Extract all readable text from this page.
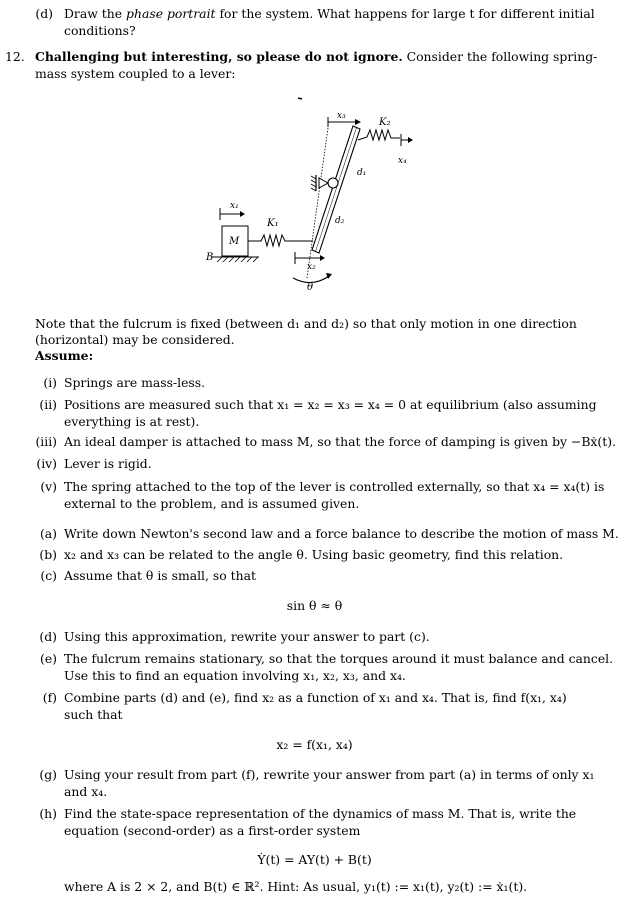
(d) Draw the phase portrait for the system. What happens for large t for different initial
conditions?
12. Challenging but interesting, so please do not ignore. Consider the following spring-
mass system coupled to a lever:
x₃
K₂
x₄
d₁
d₂
x₁
M
K₁
B
x₂
θ
Note that the fulcrum is fixed (between d₁ and d₂) so that only motion in one direction
(horizontal) may be considered.
Assume:
(i) Springs are mass-less.
(ii) Positions are measured such that x₁ = x₂ = x₃ = x₄ = 0 at equilibrium (also assuming
everything is at rest).
(iii) An ideal damper is attached to mass M, so that the force of damping is given by −Bẋ(t).
(iv) Lever is rigid.
(v) The spring attached to the top of the lever is controlled externally, so that x₄ = x₄(t) is
external to the problem, and is assumed given.
(a) Write down Newton's second law and a force balance to describe the motion of mass M.
(b) x₂ and x₃ can be related to the angle θ. Using basic geometry, find this relation.
(c) Assume that θ is small, so that
sin θ ≈ θ
(d) Using this approximation, rewrite your answer to part (c).
(e) The fulcrum remains stationary, so that the torques around it must balance and cancel.
Use this to find an equation involving x₁, x₂, x₃, and x₄.
(f) Combine parts (d) and (e), find x₂ as a function of x₁ and x₄. That is, find f(x₁, x₄)
such that
x₂ = f(x₁, x₄)
(g) Using your result from part (f), rewrite your answer from part (a) in terms of only x₁
and x₄.
(h) Find the state-space representation of the dynamics of mass M. That is, write the
equation (second-order) as a first-order system
Ẏ(t) = AY(t) + B(t)
where A is 2 × 2, and B(t) ∈ ℝ². Hint: As usual, y₁(t) := x₁(t), y₂(t) := ẋ₁(t).
